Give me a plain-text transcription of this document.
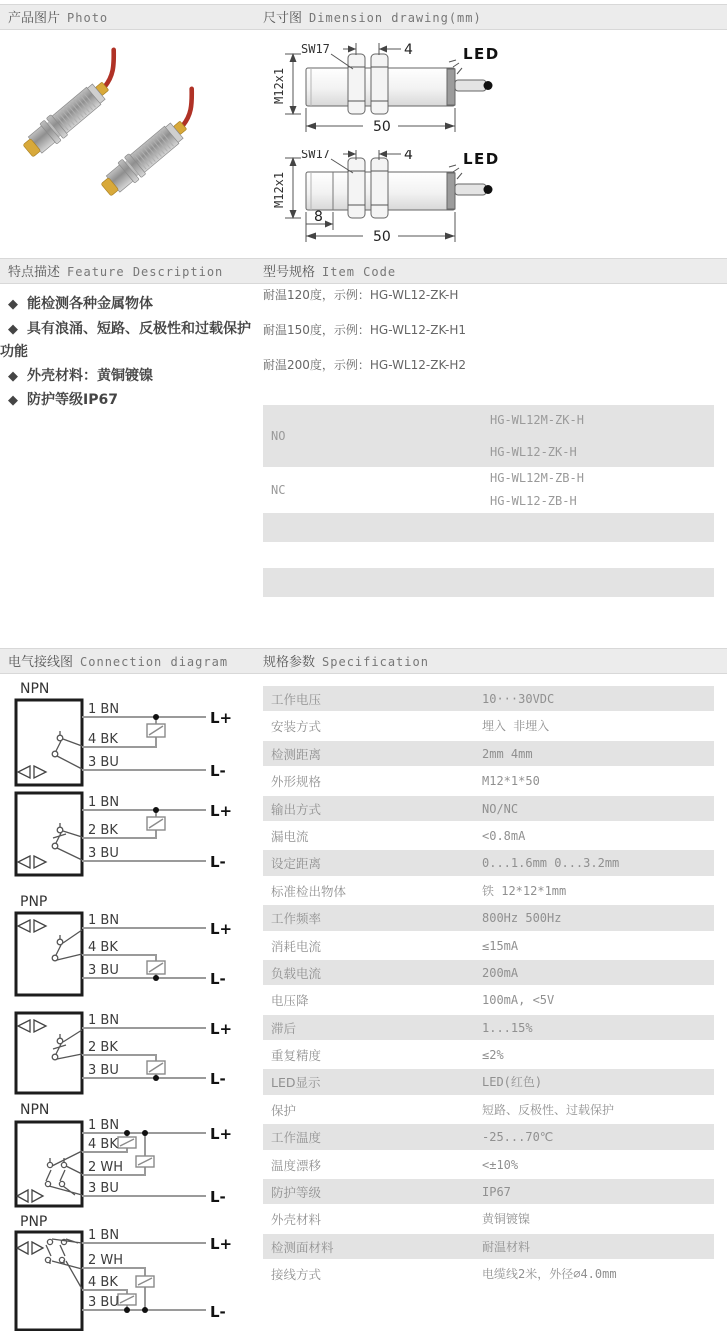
产品图片 Photo	尺寸图 Dimension drawing(mm)
M12x1
SW17	4	LED
50
M12x1
SW17	4	LED
8
50
特点描述 Feature Description	型号规格 Item Code
◆ 能检测各种金属物体
◆ 具有浪涌、短路、反极性和过载保护功能
◆ 外壳材料：黄铜镀镍
◆ 防护等级IP67
耐温120度，示例：HG-WL12-ZK-H
耐温150度，示例：HG-WL12-ZK-H1
耐温200度，示例：HG-WL12-ZK-H2
NO
HG-WL12M-ZK-H
HG-WL12-ZK-H
NC
HG-WL12M-ZB-H
HG-WL12-ZB-H
电气接线图 Connection diagram	规格参数 Specification
NPN
1 BN
4 BK
3 BU
L+
L-
1 BN
2 BK
3 BU
L+
L-
PNP
1 BN
4 BK
3 BU
L+
L-
1 BN
2 BK
3 BU
L+
L-
NPN
1 BN
4 BK
2 WH
3 BU
L+
L-
PNP
1 BN
2 WH
4 BK
3 BU
L+
L-
工作电压	10···30VDC
安装方式	埋入 非埋入
检测距离	2mm 4mm
外形规格	M12*1*50
输出方式	NO/NC
漏电流	<0.8mA
设定距离	0...1.6mm 0...3.2mm
标准检出物体	铁 12*12*1mm
工作频率	800Hz 500Hz
消耗电流	≤15mA
负载电流	200mA
电压降	100mA, <5V
滞后	1...15%
重复精度	≤2%
LED显示	LED(红色)
保护	短路、反极性、过载保护
工作温度	-25...70℃
温度漂移	<±10%
防护等级	IP67
外壳材料	黄铜镀镍
检测面材料	耐温材料
接线方式	电缆线2米，外径∅4.0mm
